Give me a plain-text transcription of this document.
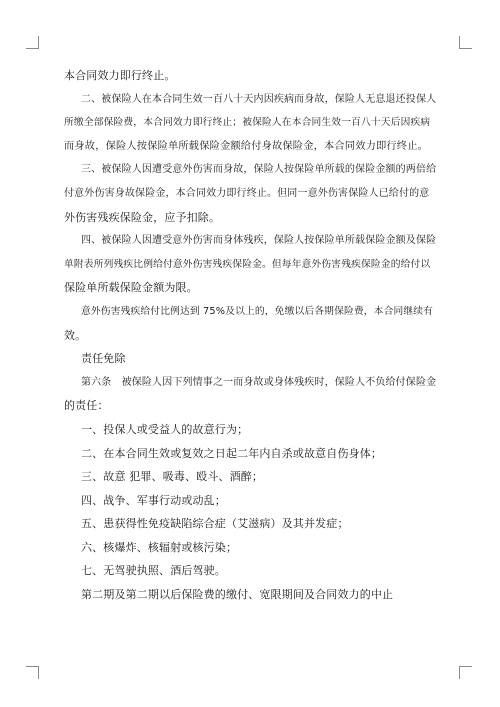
本合同效力即行终止。
二、被保险人在本合同生效一百八十天内因疾病而身故，保险人无息退还投保人
所缴全部保险费，本合同效力即行终止；被保险人在本合同生效一百八十天后因疾病
而身故，保险人按保险单所载保险金额给付身故保险金，本合同效力即行终止。
三、被保险人因遭受意外伤害而身故，保险人按保险单所载的保险金额的两倍给
付意外伤害身故保险金，本合同效力即行终止。但同一意外伤害保险人已给付的意
外伤害残疾保险金，应予扣除。
四、被保险人因遭受意外伤害而身体残疾，保险人按保险单所载保险金额及保险
单附表所列残疾比例给付意外伤害残疾保险金。但每年意外伤害残疾保险金的给付以
保险单所载保险金额为限。
意外伤害残疾给付比例达到 75%及以上的，免缴以后各期保险费，本合同继续有
效。
责任免除
第六条　被保险人因下列情事之一而身故或身体残疾时，保险人不负给付保险金
的责任：
一、投保人或受益人的故意行为；
二、在本合同生效或复效之日起二年内自杀或故意自伤身体；
三、故意 犯罪、吸毒、殴斗、酒醉；
四、战争、军事行动或动乱；
五、患获得性免疫缺陷综合症（艾滋病）及其并发症；
六、核爆炸、核辐射或核污染；
七、无驾驶执照、酒后驾驶。
第二期及第二期以后保险费的缴付、宽限期间及合同效力的中止
